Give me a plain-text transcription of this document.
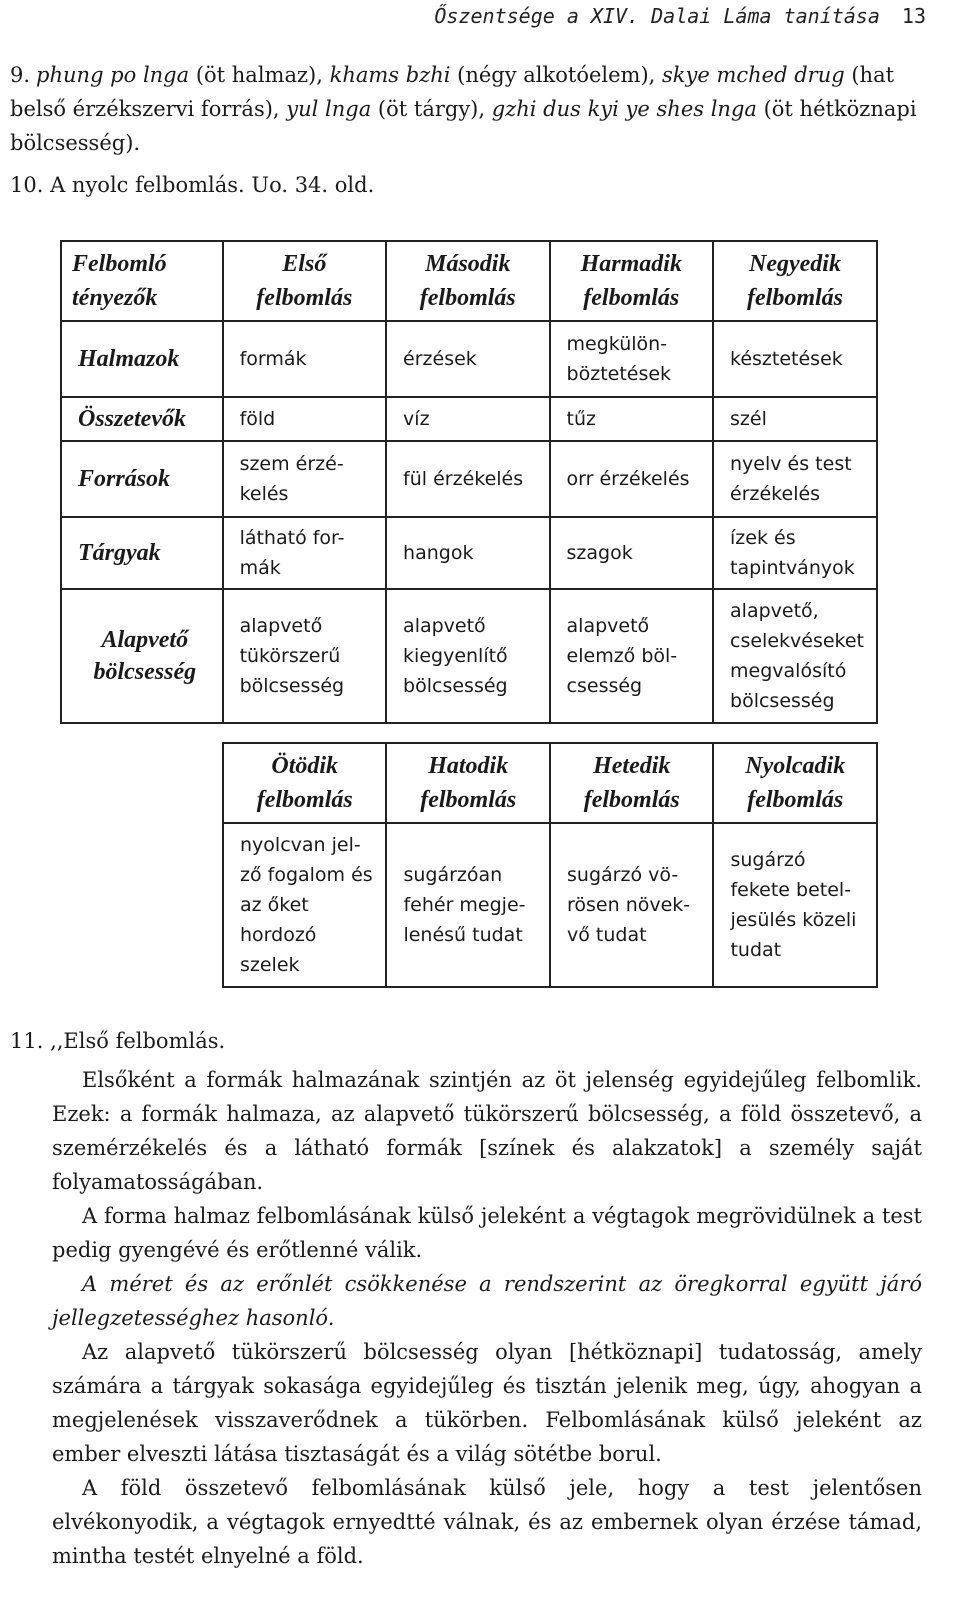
Őszentsége a XIV. Dalai Láma tanítása 13
9. phung po lnga (öt halmaz), khams bzhi (négy alkotóelem), skye mched drug (hat belső érzékszervi forrás), yul lnga (öt tárgy), gzhi dus kyi ye shes lnga (öt hétköznapi bölcsesség).
10. A nyolc felbomlás. Uo. 34. old.
Felbomló tényezők	Első felbomlás	Második felbomlás	Harmadik felbomlás	Negyedik felbomlás
Halmazok	formák	érzések	megkülön-böztetések	késztetések
Összetevők	föld	víz	tűz	szél
Források	szem érzé-kelés	fül érzékelés	orr érzékelés	nyelv és test érzékelés
Tárgyak	látható for-mák	hangok	szagok	ízek és tapintványok
Alapvető bölcsesség	alapvető tükörszerű bölcsesség	alapvető kiegyenlítő bölcsesség	alapvető elemző böl-csesség	alapvető, cselekvéseket megvalósító bölcsesség
Ötödik felbomlás	Hatodik felbomlás	Hetedik felbomlás	Nyolcadik felbomlás
nyolcvan jel-ző fogalom és az őket hordozó szelek	sugárzóan fehér megje-lenésű tudat	sugárzó vö-rösen növek-vő tudat	sugárzó fekete betel-jesülés közeli tudat
11. ,,Első felbomlás.

Elsőként a formák halmazának szintjén az öt jelenség egyidejűleg felbomlik. Ezek: a formák halmaza, az alapvető tükörszerű bölcsesség, a föld összetevő, a szemérzékelés és a látható formák [színek és alakzatok] a személy saját folyamatosságában.

A forma halmaz felbomlásának külső jeleként a végtagok megrövidülnek a test pedig gyengévé és erőtlenné válik.

A méret és az erőnlét csökkenése a rendszerint az öregkorral együtt járó jellegzetességhez hasonló.

Az alapvető tükörszerű bölcsesség olyan [hétköznapi] tudatosság, amely számára a tárgyak sokasága egyidejűleg és tisztán jelenik meg, úgy, ahogyan a megjelenések visszaverődnek a tükörben. Felbomlásának külső jeleként az ember elveszti látása tisztaságát és a világ sötétbe borul.

A föld összetevő felbomlásának külső jele, hogy a test jelentősen elvékonyodik, a végtagok ernyedtté válnak, és az embernek olyan érzése támad, mintha testét elnyelné a föld.
